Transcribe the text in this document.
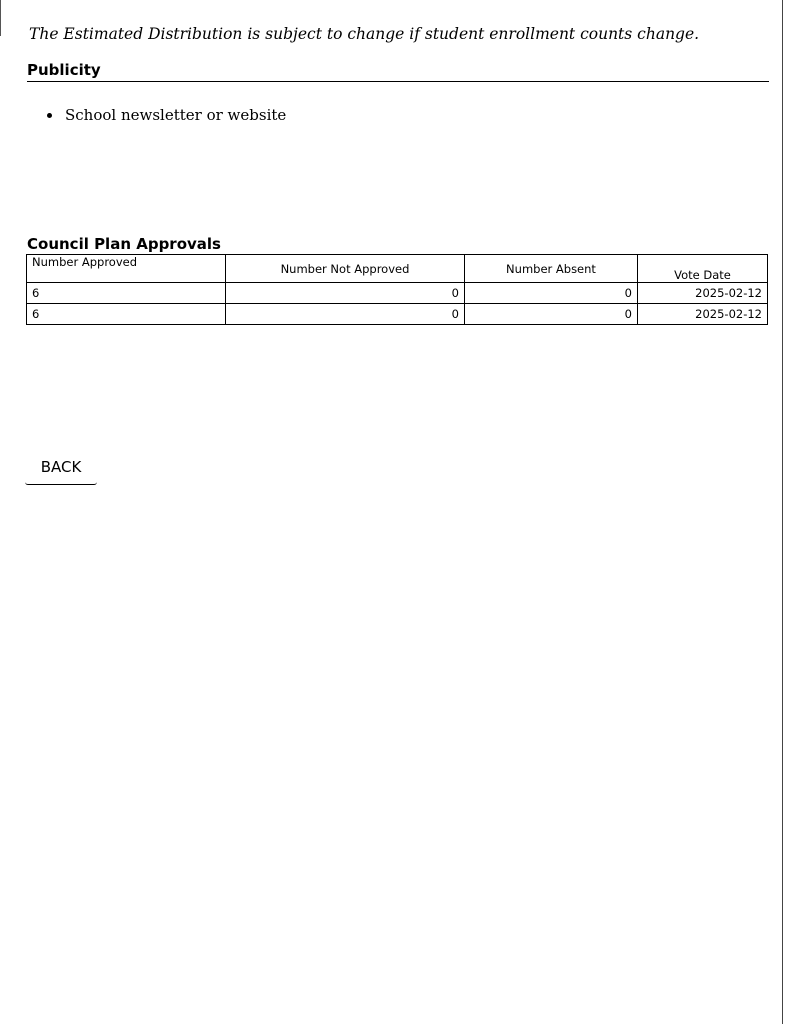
The Estimated Distribution is subject to change if student enrollment counts change.
Publicity
School newsletter or website
Council Plan Approvals
Number Approved	Number Not Approved	Number Absent	Vote Date
6	0	0	2025-02-12
6	0	0	2025-02-12
BACK
